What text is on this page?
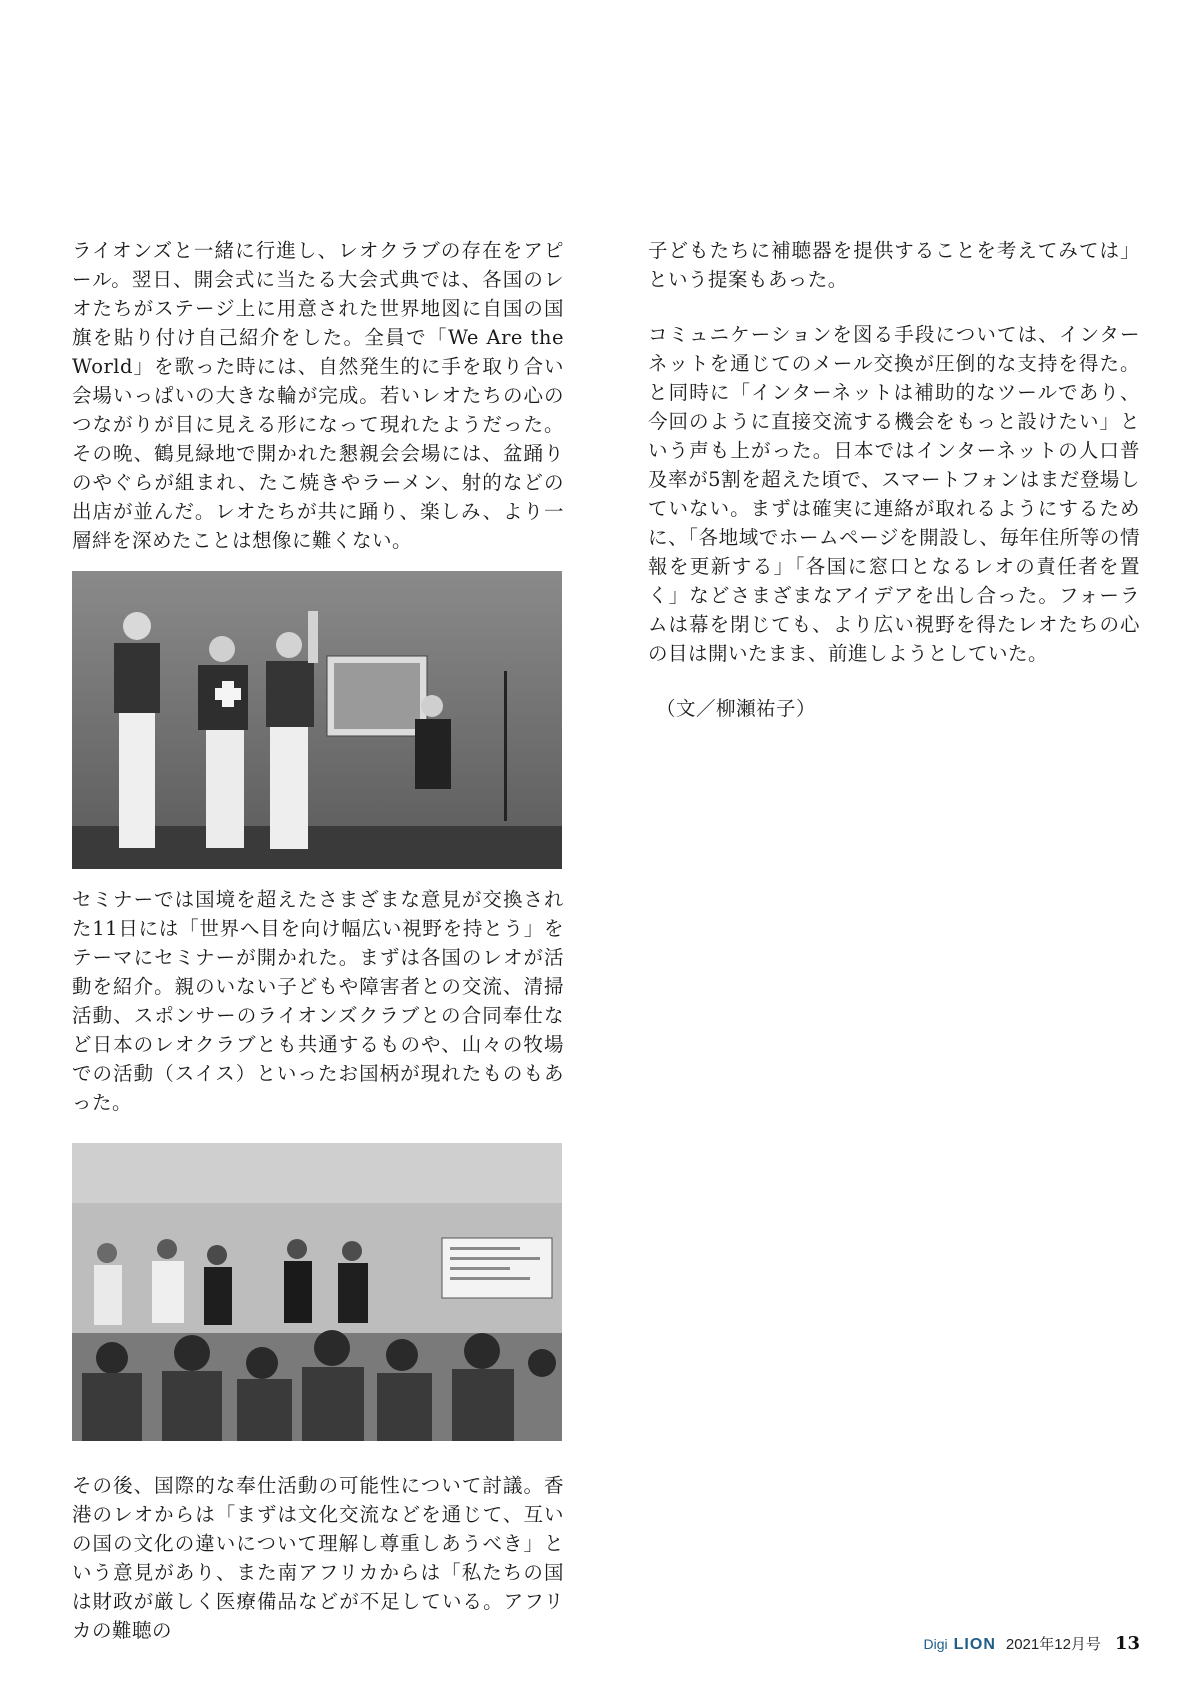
ライオンズと一緒に行進し、レオクラブの存在をアピール。翌日、開会式に当たる大会式典では、各国のレオたちがステージ上に用意された世界地図に自国の国旗を貼り付け自己紹介をした。全員で「We Are the World」を歌った時には、自然発生的に手を取り合い会場いっぱいの大きな輪が完成。若いレオたちの心のつながりが目に見える形になって現れたようだった。その晩、鶴見緑地で開かれた懇親会会場には、盆踊りのやぐらが組まれ、たこ焼きやラーメン、射的などの出店が並んだ。レオたちが共に踊り、楽しみ、より一層絆を深めたことは想像に難くない。

セミナーでは国境を超えたさまざまな意見が交換された11日には「世界へ目を向け幅広い視野を持とう」をテーマにセミナーが開かれた。まずは各国のレオが活動を紹介。親のいない子どもや障害者との交流、清掃活動、スポンサーのライオンズクラブとの合同奉仕など日本のレオクラブとも共通するものや、山々の牧場での活動（スイス）といったお国柄が現れたものもあった。

その後、国際的な奉仕活動の可能性について討議。香港のレオからは「まずは文化交流などを通じて、互いの国の文化の違いについて理解し尊重しあうべき」という意見があり、また南アフリカからは「私たちの国は財政が厳しく医療備品などが不足している。アフリカの難聴の

子どもたちに補聴器を提供することを考えてみては」という提案もあった。

コミュニケーションを図る手段については、インターネットを通じてのメール交換が圧倒的な支持を得た。と同時に「インターネットは補助的なツールであり、今回のように直接交流する機会をもっと設けたい」という声も上がった。日本ではインターネットの人口普及率が5割を超えた頃で、スマートフォンはまだ登場していない。まずは確実に連絡が取れるようにするために、「各地域でホームページを開設し、毎年住所等の情報を更新する」「各国に窓口となるレオの責任者を置く」などさまざまなアイデアを出し合った。フォーラムは幕を閉じても、より広い視野を得たレオたちの心の目は開いたまま、前進しようとしていた。

（文／柳瀬祐子）
Digi LION 2021年12月号 13
